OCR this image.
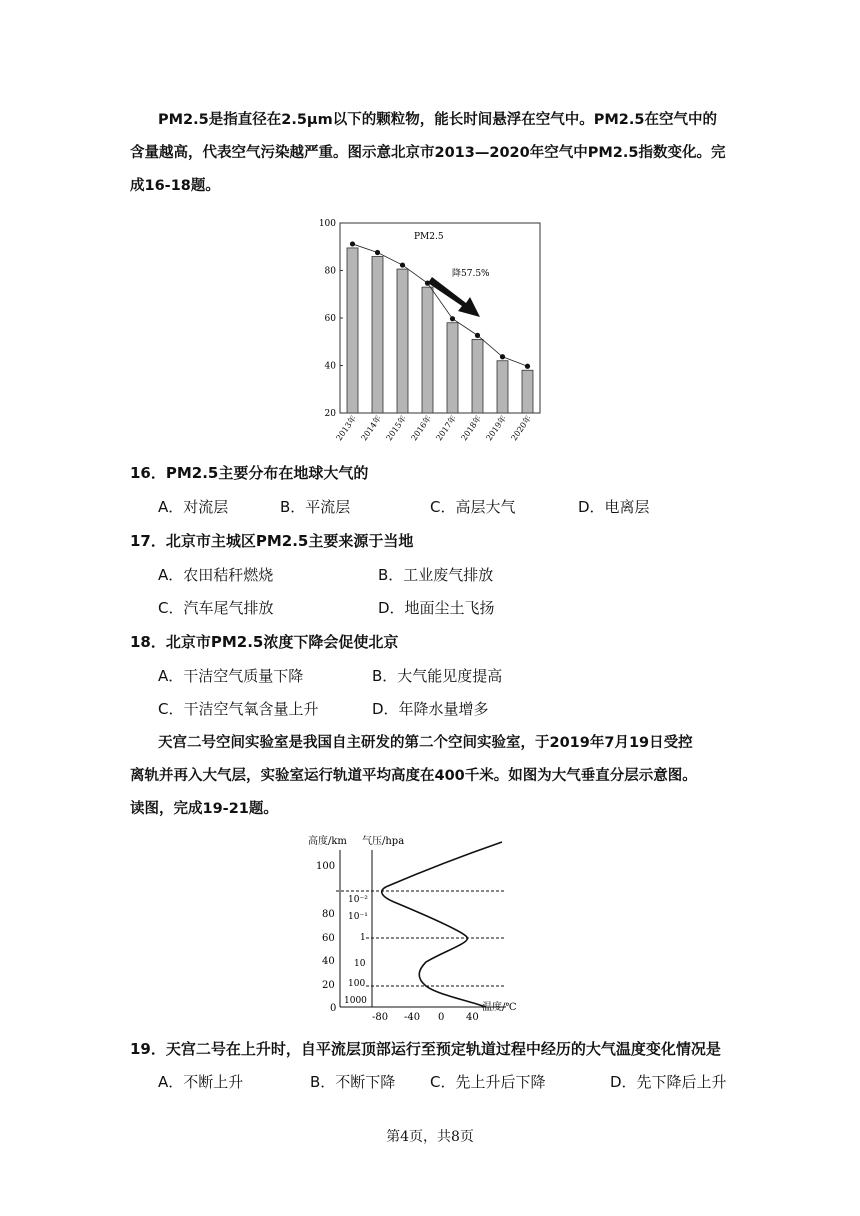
PM2.5是指直径在2.5μm以下的颗粒物，能长时间悬浮在空气中。PM2.5在空气中的
含量越高，代表空气污染越严重。图示意北京市2013—2020年空气中PM2.5指数变化。完
成16-18题。
20
40
60
80
100
2013年 2014年 2015年 2016年 2017年 2018年 2019年 2020年
PM2.5
降57.5%
16．PM2.5主要分布在地球大气的
A．对流层	B．平流层	C．高层大气	D．电离层
17．北京市主城区PM2.5主要来源于当地
A．农田秸秆燃烧	B．工业废气排放
C．汽车尾气排放	D．地面尘土飞扬
18．北京市PM2.5浓度下降会促使北京
A．干洁空气质量下降	B．大气能见度提高
C．干洁空气氧含量上升	D．年降水量增多
天宫二号空间实验室是我国自主研发的第二个空间实验室，于2019年7月19日受控
离轨并再入大气层，实验室运行轨道平均高度在400千米。如图为大气垂直分层示意图。
读图，完成19-21题。
高度/km 气压/hpa
温度/℃
0
20
40
60
80
100
1000
100
10
1
10⁻¹
10⁻²
-80 -40 0 40
19．天宫二号在上升时，自平流层顶部运行至预定轨道过程中经历的大气温度变化情况是
A．不断上升	B．不断下降 C．先上升后下降	D．先下降后上升
第4页，共8页
